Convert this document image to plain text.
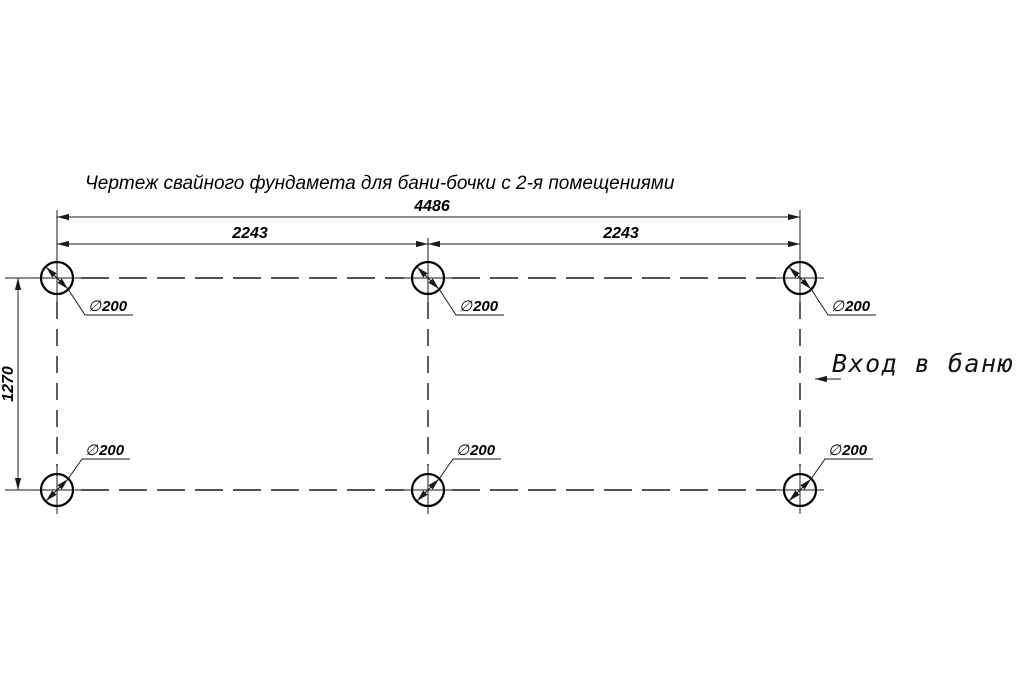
Чертеж свайного фундамета для бани-бочки с 2-я помещениями
4486
2243	2243
1270
∅200	∅200	∅200
∅200	∅200	∅200
Вход в баню
